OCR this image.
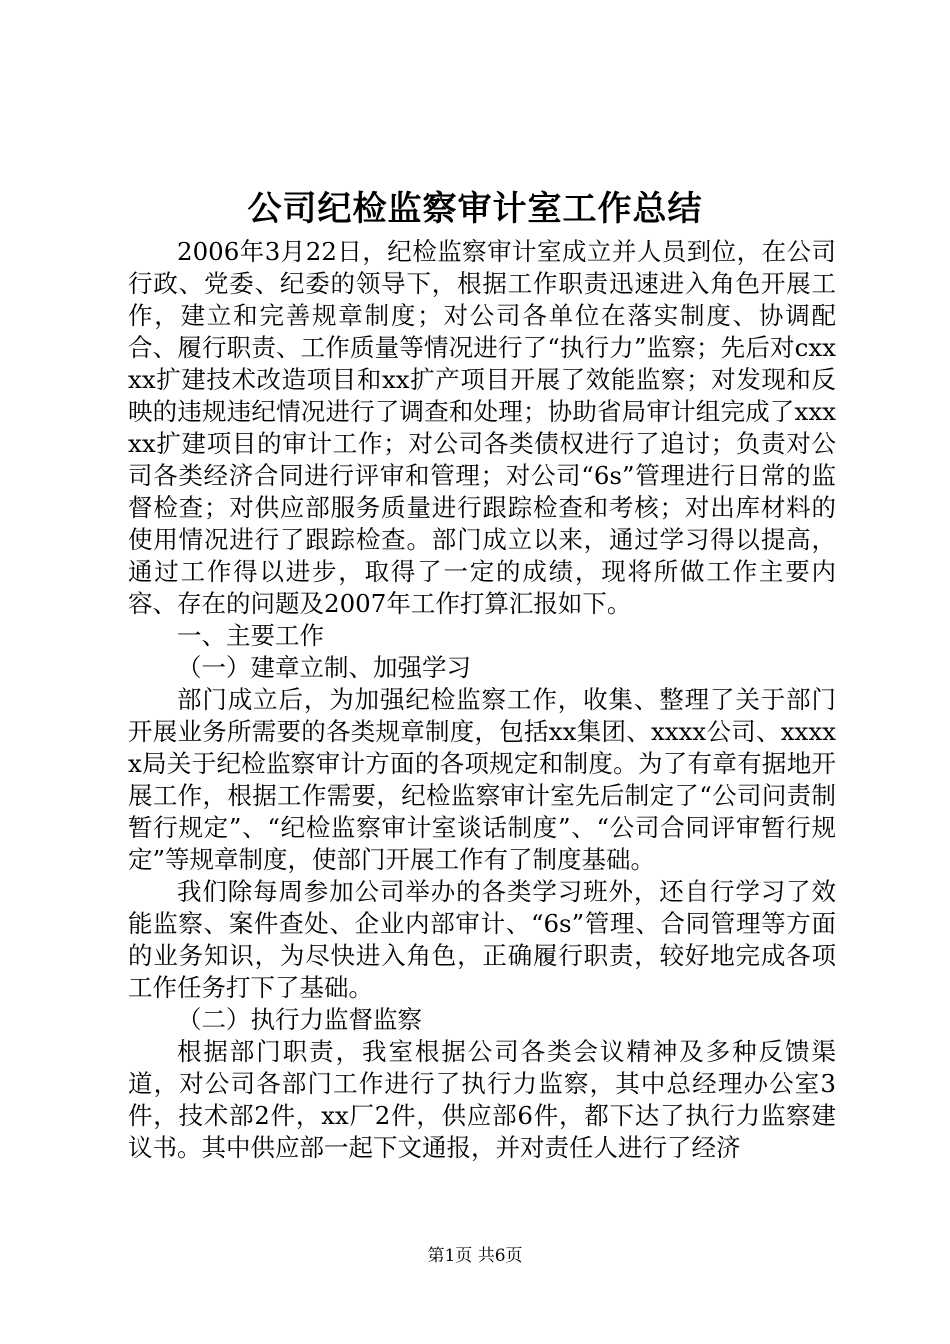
公司纪检监察审计室工作总结

2006年3月22日，纪检监察审计室成立并人员到位，在公司行政、党委、纪委的领导下，根据工作职责迅速进入角色开展工作，建立和完善规章制度；对公司各单位在落实制度、协调配合、履行职责、工作质量等情况进行了“执行力”监察；先后对cxxxx扩建技术改造项目和xx扩产项目开展了效能监察；对发现和反映的违规违纪情况进行了调查和处理；协助省局审计组完成了xxxxx扩建项目的审计工作；对公司各类债权进行了追讨；负责对公司各类经济合同进行评审和管理；对公司“6s”管理进行日常的监督检查；对供应部服务质量进行跟踪检查和考核；对出库材料的使用情况进行了跟踪检查。部门成立以来，通过学习得以提高，通过工作得以进步，取得了一定的成绩，现将所做工作主要内容、存在的问题及2007年工作打算汇报如下。

一、主要工作

（一）建章立制、加强学习

部门成立后，为加强纪检监察工作，收集、整理了关于部门开展业务所需要的各类规章制度，包括xx集团、xxxx公司、xxxxx局关于纪检监察审计方面的各项规定和制度。为了有章有据地开展工作，根据工作需要，纪检监察审计室先后制定了“公司问责制暂行规定”、“纪检监察审计室谈话制度”、“公司合同评审暂行规定”等规章制度，使部门开展工作有了制度基础。

我们除每周参加公司举办的各类学习班外，还自行学习了效能监察、案件查处、企业内部审计、“6s”管理、合同管理等方面的业务知识，为尽快进入角色，正确履行职责，较好地完成各项工作任务打下了基础。

（二）执行力监督监察

根据部门职责，我室根据公司各类会议精神及多种反馈渠道，对公司各部门工作进行了执行力监察，其中总经理办公室3件，技术部2件，xx厂2件，供应部6件，都下达了执行力监察建议书。其中供应部一起下文通报，并对责任人进行了经济

第1页 共6页
